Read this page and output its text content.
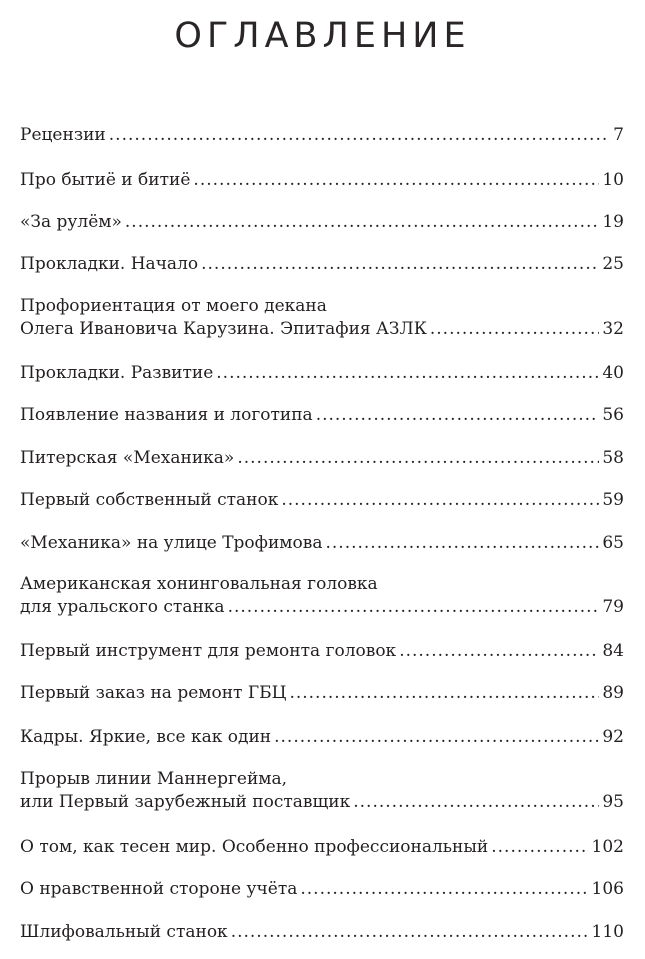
ОГЛАВЛЕНИЕ
Рецензии .....	7
Про бытиё и битиё .....	10
«За рулём» .....	19
Прокладки. Начало .....	25
Профориентация от моего декана
Олега Ивановича Карузина. Эпитафия АЗЛК .....	32
Прокладки. Развитие .....	40
Появление названия и логотипа .....	56
Питерская «Механика» .....	58
Первый собственный станок .....	59
«Механика» на улице Трофимова .....	65
Американская хонинговальная головка
для уральского станка .....	79
Первый инструмент для ремонта головок .....	84
Первый заказ на ремонт ГБЦ .....	89
Кадры. Яркие, все как один .....	92
Прорыв линии Маннергейма,
или Первый зарубежный поставщик .....	95
О том, как тесен мир. Особенно профессиональный .....	102
О нравственной стороне учёта .....	106
Шлифовальный станок .....	110
